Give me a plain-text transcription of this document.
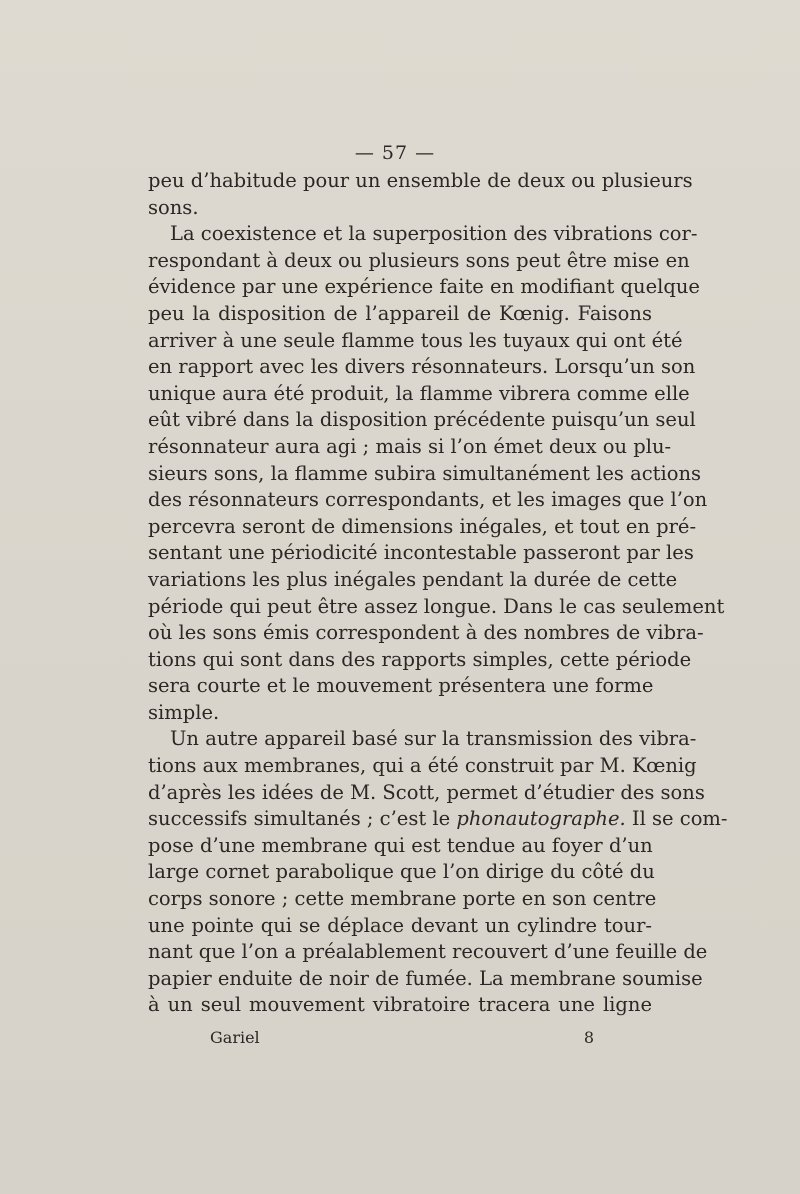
— 57 —
peu d’habitude pour un ensemble de deux ou plusieurs
sons.
La coexistence et la superposition des vibrations cor-
respondant à deux ou plusieurs sons peut être mise en
évidence par une expérience faite en modifiant quelque
peu la disposition de l’appareil de Kœnig. Faisons
arriver à une seule flamme tous les tuyaux qui ont été
en rapport avec les divers résonnateurs. Lorsqu’un son
unique aura été produit, la flamme vibrera comme elle
eût vibré dans la disposition précédente puisqu’un seul
résonnateur aura agi ; mais si l’on émet deux ou plu-
sieurs sons, la flamme subira simultanément les actions
des résonnateurs correspondants, et les images que l’on
percevra seront de dimensions inégales, et tout en pré-
sentant une périodicité incontestable passeront par les
variations les plus inégales pendant la durée de cette
période qui peut être assez longue. Dans le cas seulement
où les sons émis correspondent à des nombres de vibra-
tions qui sont dans des rapports simples, cette période
sera courte et le mouvement présentera une forme
simple.
Un autre appareil basé sur la transmission des vibra-
tions aux membranes, qui a été construit par M. Kœnig
d’après les idées de M. Scott, permet d’étudier des sons
successifs simultanés ; c’est le phonautographe. Il se com-
pose d’une membrane qui est tendue au foyer d’un
large cornet parabolique que l’on dirige du côté du
corps sonore ; cette membrane porte en son centre
une pointe qui se déplace devant un cylindre tour-
nant que l’on a préalablement recouvert d’une feuille de
papier enduite de noir de fumée. La membrane soumise
à un seul mouvement vibratoire tracera une ligne
Gariel	8
